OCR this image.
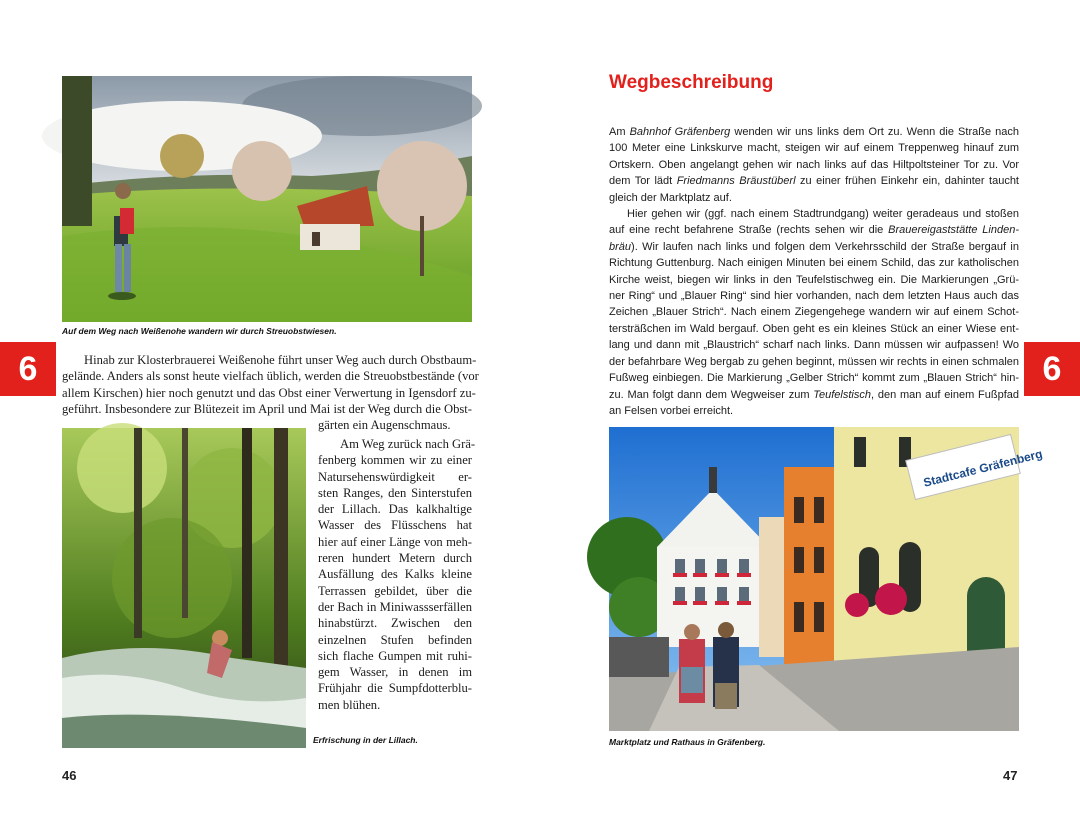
Auf dem Weg nach Weißenohe wandern wir durch Streuobstwiesen.
6	Hinab zur Klosterbrauerei Weißenohe führt unser Weg auch durch Obstbaum-
gelände. Anders als sonst heute vielfach üblich, werden die Streuobstbestände (vor
allem Kirschen) hier noch genutzt und das Obst einer Verwertung in Igensdorf zu-
geführt. Insbesondere zur Blütezeit im April und Mai ist der Weg durch die Obst-
gärten ein Augenschmaus.
Am Weg zurück nach Grä-
fenberg kommen wir zu einer
Natursehenswürdigkeit er-
sten Ranges, den Sinterstufen
der Lillach. Das kalkhaltige
Wasser des Flüsschens hat
hier auf einer Länge von meh-
reren hundert Metern durch
Ausfällung des Kalks kleine
Terrassen gebildet, über die
der Bach in Miniwassserfällen
hinabstürzt. Zwischen den
einzelnen Stufen befinden
sich flache Gumpen mit ruhi-
gem Wasser, in denen im
Frühjahr die Sumpfdotterblu-
men blühen.
Erfrischung in der Lillach.
46
Wegbeschreibung
Am Bahnhof Gräfenberg wenden wir uns links dem Ort zu. Wenn die Straße nach
100 Meter eine Linkskurve macht, steigen wir auf einem Treppenweg hinauf zum
Ortskern. Oben angelangt gehen wir nach links auf das Hiltpoltsteiner Tor zu. Vor
dem Tor lädt Friedmanns Bräustüberl zu einer frühen Einkehr ein, dahinter taucht
gleich der Marktplatz auf.
Hier gehen wir (ggf. nach einem Stadtrundgang) weiter geradeaus und stoßen
auf eine recht befahrene Straße (rechts sehen wir die Brauereigaststätte Linden-
bräu). Wir laufen nach links und folgen dem Verkehrsschild der Straße bergauf in
Richtung Guttenburg. Nach einigen Minuten bei einem Schild, das zur katholischen
Kirche weist, biegen wir links in den Teufelstischweg ein. Die Markierungen „Grü-
ner Ring“ und „Blauer Ring“ sind hier vorhanden, nach dem letzten Haus auch das
Zeichen „Blauer Strich“. Nach einem Ziegengehege wandern wir auf einem Schot-
tersträßchen im Wald bergauf. Oben geht es ein kleines Stück an einer Wiese ent-
lang und dann mit „Blaustrich“ scharf nach links. Dann müssen wir aufpassen! Wo
der befahrbare Weg bergab zu gehen beginnt, müssen wir rechts in einen schmalen
Fußweg einbiegen. Die Markierung „Gelber Strich“ kommt zum „Blauen Strich“ hin-
zu. Man folgt dann dem Wegweiser zum Teufelstisch, den man auf einem Fußpfad
an Felsen vorbei erreicht.
6
Stadtcafe Gräfenberg
Marktplatz und Rathaus in Gräfenberg.
47
